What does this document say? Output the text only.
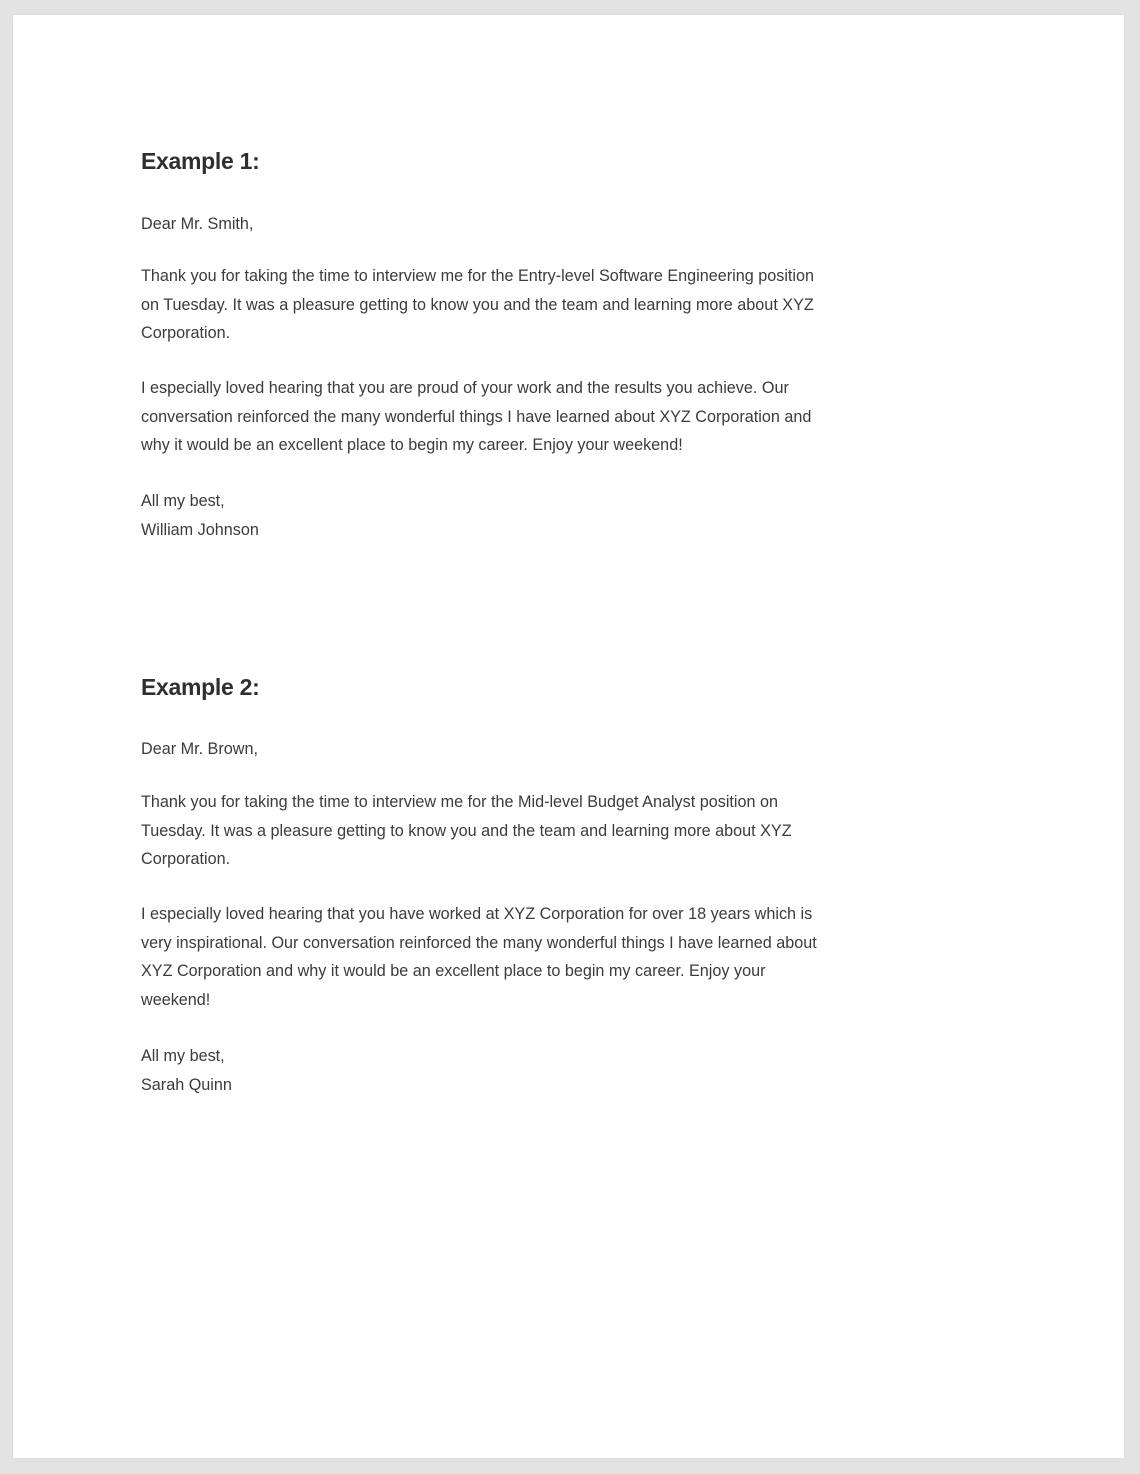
Example 1:

Dear Mr. Smith,

Thank you for taking the time to interview me for the Entry-level Software Engineering position
on Tuesday. It was a pleasure getting to know you and the team and learning more about XYZ
Corporation.

I especially loved hearing that you are proud of your work and the results you achieve. Our
conversation reinforced the many wonderful things I have learned about XYZ Corporation and
why it would be an excellent place to begin my career. Enjoy your weekend!

All my best,
William Johnson

Example 2:

Dear Mr. Brown,

Thank you for taking the time to interview me for the Mid-level Budget Analyst position on
Tuesday. It was a pleasure getting to know you and the team and learning more about XYZ
Corporation.

I especially loved hearing that you have worked at XYZ Corporation for over 18 years which is
very inspirational. Our conversation reinforced the many wonderful things I have learned about
XYZ Corporation and why it would be an excellent place to begin my career. Enjoy your
weekend!

All my best,
Sarah Quinn
